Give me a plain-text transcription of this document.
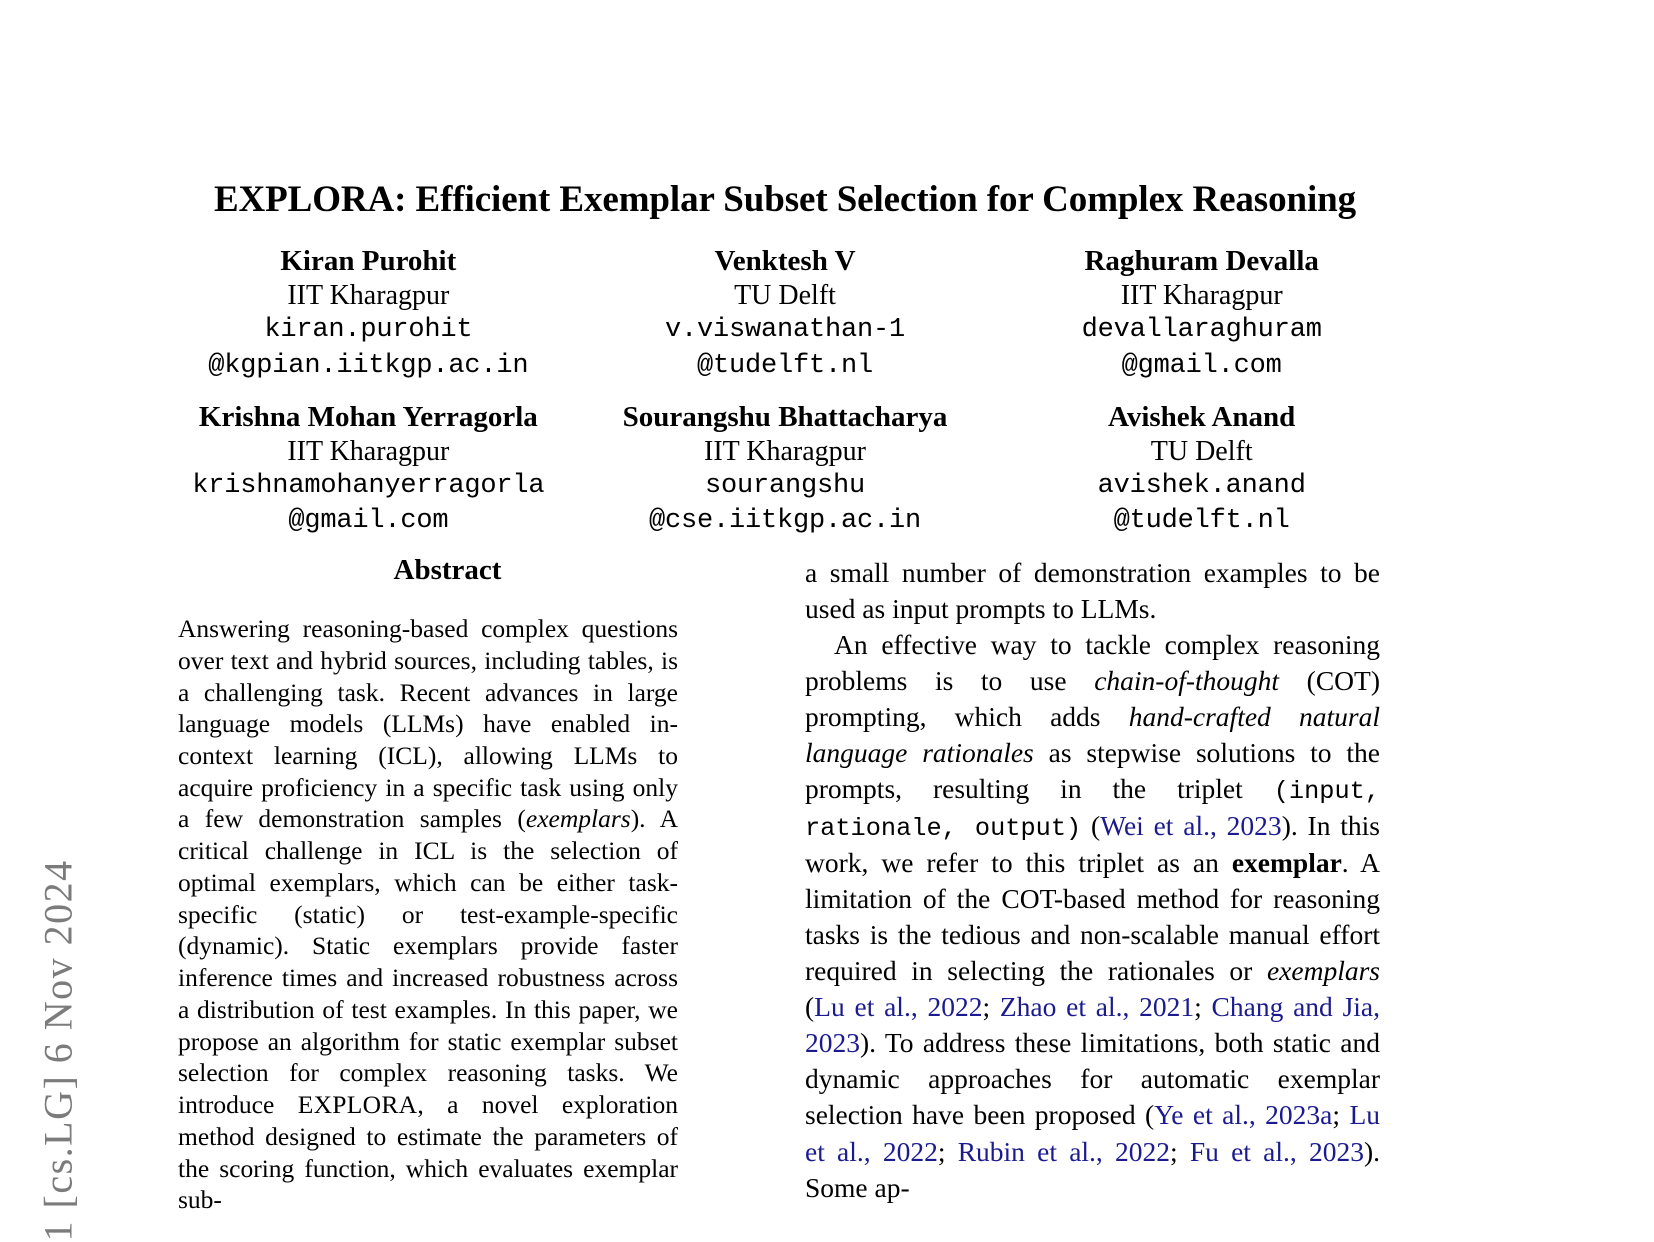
1 [cs.LG] 6 Nov 2024
EXPLORA: Efficient Exemplar Subset Selection for Complex Reasoning
Kiran Purohit
IIT Kharagpur
kiran.purohit
@kgpian.iitkgp.ac.in
Venktesh V
TU Delft
v.viswanathan-1
@tudelft.nl
Raghuram Devalla
IIT Kharagpur
devallaraghuram
@gmail.com
Krishna Mohan Yerragorla
IIT Kharagpur
krishnamohanyerragorla
@gmail.com
Sourangshu Bhattacharya
IIT Kharagpur
sourangshu
@cse.iitkgp.ac.in
Avishek Anand
TU Delft
avishek.anand
@tudelft.nl
Abstract
Answering reasoning-based complex questions over text and hybrid sources, including tables, is a challenging task. Recent advances in large language models (LLMs) have enabled in-context learning (ICL), allowing LLMs to acquire proficiency in a specific task using only a few demonstration samples (exemplars). A critical challenge in ICL is the selection of optimal exemplars, which can be either task-specific (static) or test-example-specific (dynamic). Static exemplars provide faster inference times and increased robustness across a distribution of test examples. In this paper, we propose an algorithm for static exemplar subset selection for complex reasoning tasks. We introduce EXPLORA, a novel exploration method designed to estimate the parameters of the scoring function, which evaluates exemplar sub-

a small number of demonstration examples to be used as input prompts to LLMs.

An effective way to tackle complex reasoning problems is to use chain-of-thought (COT) prompting, which adds hand-crafted natural language rationales as stepwise solutions to the prompts, resulting in the triplet (input, rationale, output) (Wei et al., 2023). In this work, we refer to this triplet as an exemplar. A limitation of the COT-based method for reasoning tasks is the tedious and non-scalable manual effort required in selecting the rationales or exemplars (Lu et al., 2022; Zhao et al., 2021; Chang and Jia, 2023). To address these limitations, both static and dynamic approaches for automatic exemplar selection have been proposed (Ye et al., 2023a; Lu et al., 2022; Rubin et al., 2022; Fu et al., 2023). Some ap-
